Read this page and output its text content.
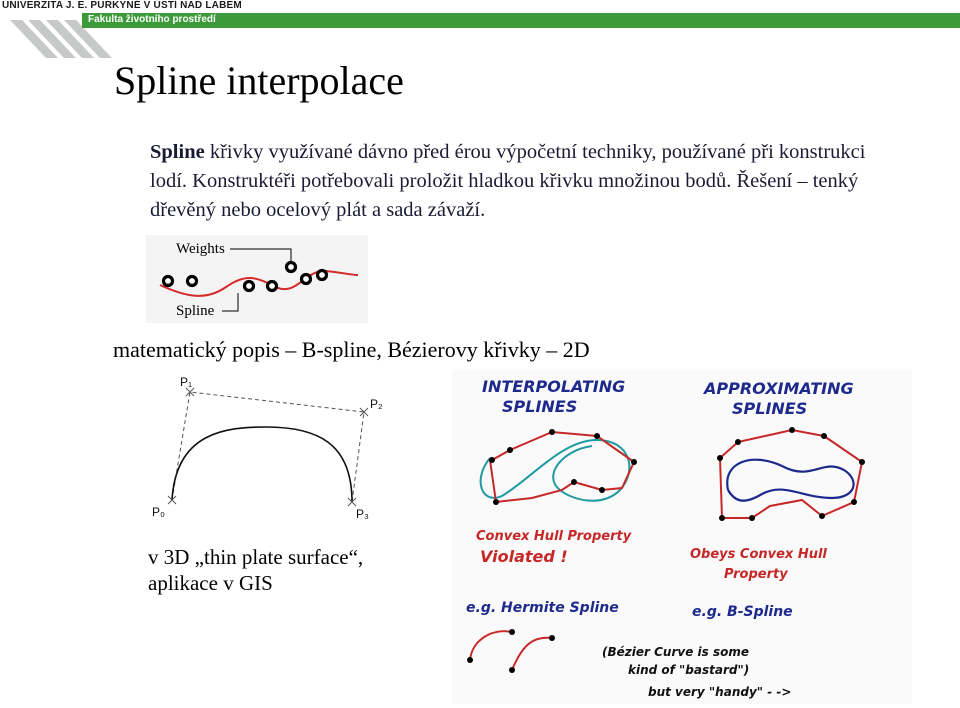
UNIVERZITA J. E. PURKYNĚ V ÚSTÍ NAD LABEM
Fakulta životního prostředí
Spline interpolace
Spline křivky využívané dávno před érou výpočetní techniky, používané při konstrukci lodí. Konstruktéři potřebovali proložit hladkou křivku množinou bodů. Řešení – tenký dřevěný nebo ocelový plát a sada závaží.
Weights
Spline
matematický popis – B-spline, Bézierovy křivky – 2D
P₁
P₂
P₀	P₃
v 3D „thin plate surface“,
aplikace v GIS
INTERPOLATING
SPLINES
APPROXIMATING
SPLINES
Convex Hull Property
Violated !	Obeys Convex Hull
Property
e.g. Hermite Spline	e.g. B-Spline
(Bézier Curve is some
kind of "bastard")
but very "handy" - ->
